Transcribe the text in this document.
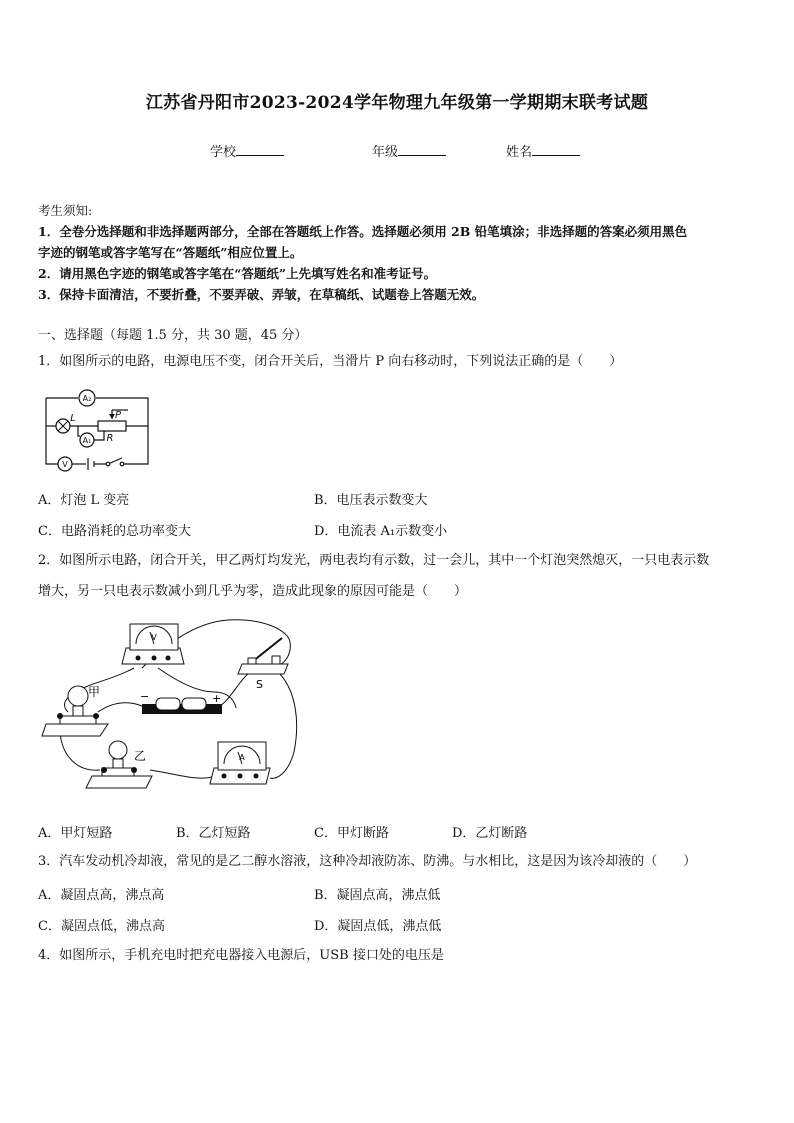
江苏省丹阳市2023-2024学年物理九年级第一学期期末联考试题
学校	年级	姓名
考生须知:
1．全卷分选择题和非选择题两部分，全部在答题纸上作答。选择题必须用 2B 铅笔填涂；非选择题的答案必须用黑色
字迹的钢笔或答字笔写在“答题纸”相应位置上。
2．请用黑色字迹的钢笔或答字笔在“答题纸”上先填写姓名和准考证号。
3．保持卡面清洁，不要折叠，不要弄破、弄皱，在草稿纸、试题卷上答题无效。
一、选择题（每题 1.5 分，共 30 题，45 分）
1．如图所示的电路，电源电压不变，闭合开关后，当滑片 P 向右移动时，下列说法正确的是（　　）
A₂
A₁
V
L	P
R
A．灯泡 L 变亮	B．电压表示数变大
C．电路消耗的总功率变大	D．电流表 A₁示数变小
2．如图所示电路，闭合开关，甲乙两灯均发光，两电表均有示数，过一会儿，其中一个灯泡突然熄灭，一只电表示数
增大，另一只电表示数减小到几乎为零，造成此现象的原因可能是（　　）
V
S
−	+
甲
乙	A
A．甲灯短路	B．乙灯短路	C．甲灯断路	D．乙灯断路
3．汽车发动机冷却液，常见的是乙二醇水溶液，这种冷却液防冻、防沸。与水相比，这是因为该冷却液的（　　）
A．凝固点高，沸点高	B．凝固点高，沸点低
C．凝固点低，沸点高	D．凝固点低，沸点低
4．如图所示，手机充电时把充电器接入电源后，USB 接口处的电压是
